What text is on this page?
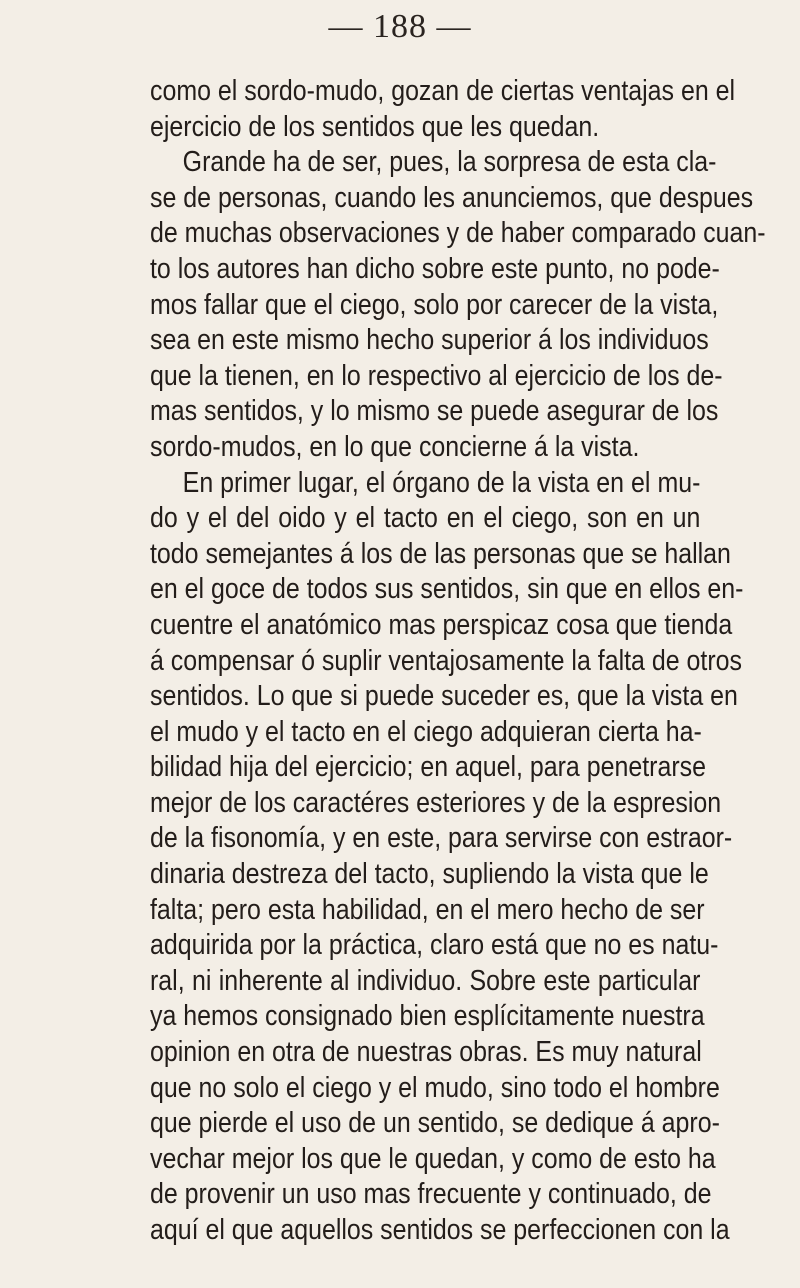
— 188 —
como el sordo-mudo, gozan de ciertas ventajas en el
ejercicio de los sentidos que les quedan.
Grande ha de ser, pues, la sorpresa de esta cla-
se de personas, cuando les anunciemos, que despues
de muchas observaciones y de haber comparado cuan-
to los autores han dicho sobre este punto, no pode-
mos fallar que el ciego, solo por carecer de la vista,
sea en este mismo hecho superior á los individuos
que la tienen, en lo respectivo al ejercicio de los de-
mas sentidos, y lo mismo se puede asegurar de los
sordo-mudos, en lo que concierne á la vista.
En primer lugar, el órgano de la vista en el mu-
do y el del oido y el tacto en el ciego, son en un
todo semejantes á los de las personas que se hallan
en el goce de todos sus sentidos, sin que en ellos en-
cuentre el anatómico mas perspicaz cosa que tienda
á compensar ó suplir ventajosamente la falta de otros
sentidos. Lo que si puede suceder es, que la vista en
el mudo y el tacto en el ciego adquieran cierta ha-
bilidad hija del ejercicio; en aquel, para penetrarse
mejor de los caractéres esteriores y de la espresion
de la fisonomía, y en este, para servirse con estraor-
dinaria destreza del tacto, supliendo la vista que le
falta; pero esta habilidad, en el mero hecho de ser
adquirida por la práctica, claro está que no es natu-
ral, ni inherente al individuo. Sobre este particular
ya hemos consignado bien esplícitamente nuestra
opinion en otra de nuestras obras. Es muy natural
que no solo el ciego y el mudo, sino todo el hombre
que pierde el uso de un sentido, se dedique á apro-
vechar mejor los que le quedan, y como de esto ha
de provenir un uso mas frecuente y continuado, de
aquí el que aquellos sentidos se perfeccionen con la
